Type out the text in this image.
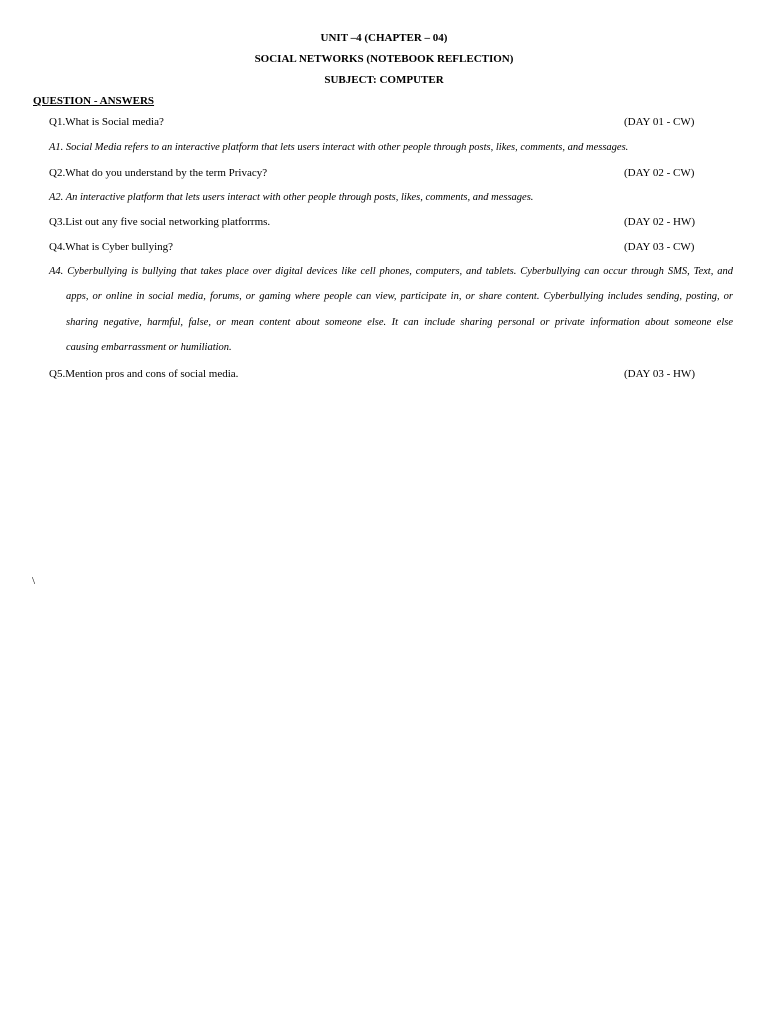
UNIT –4 (CHAPTER – 04)
SOCIAL NETWORKS (NOTEBOOK REFLECTION)
SUBJECT: COMPUTER
QUESTION - ANSWERS
Q1.What is Social media?	(DAY 01 - CW)
A1. Social Media refers to an interactive platform that lets users interact with other people through posts, likes, comments, and messages.
Q2.What do you understand by the term Privacy?	(DAY 02 - CW)
A2. An interactive platform that lets users interact with other people through posts, likes, comments, and messages.
Q3.List out any five social networking platforrms.	(DAY 02 - HW)
Q4.What is Cyber bullying?	(DAY 03 - CW)
A4. Cyberbullying is bullying that takes place over digital devices like cell phones, computers, and tablets. Cyberbullying can occur through SMS, Text, and
apps, or online in social media, forums, or gaming where people can view, participate in, or share content. Cyberbullying includes sending, posting, or
sharing negative, harmful, false, or mean content about someone else. It can include sharing personal or private information about someone else
causing embarrassment or humiliation.
Q5.Mention pros and cons of social media.	(DAY 03 - HW)
\
